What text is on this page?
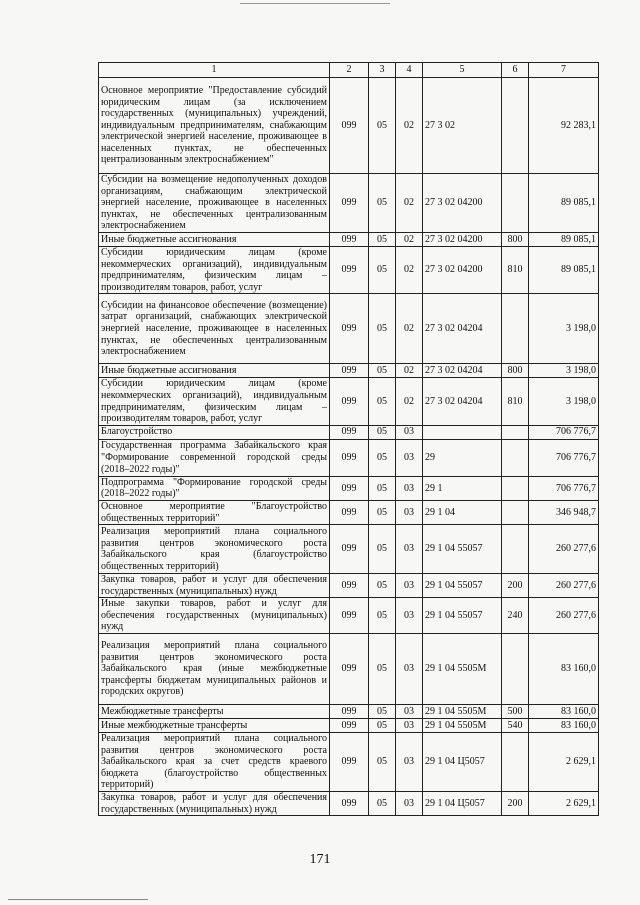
1	2	3	4	5	6	7
Основное мероприятие "Предоставление субсидий юридическим лицам (за исключением государственных (муниципальных) учреждений, индивидуальным предпринимателям, снабжающим электрической энергией население, проживающее в населенных пунктах, не обеспеченных централизованным электроснабжением"	099	05	02	27 3 02		92 283,1
Субсидии на возмещение недополученных доходов организациям, снабжающим электрической энергией население, проживающее в населенных пунктах, не обеспеченных централизованным электроснабжением	099	05	02	27 3 02 04200		89 085,1
Иные бюджетные ассигнования	099	05	02	27 3 02 04200	800	89 085,1
Субсидии юридическим лицам (кроме некоммерческих организаций), индивидуальным предпринимателям, физическим лицам – производителям товаров, работ, услуг	099	05	02	27 3 02 04200	810	89 085,1
Субсидии на финансовое обеспечение (возмещение) затрат организаций, снабжающих электрической энергией население, проживающее в населенных пунктах, не обеспеченных централизованным электроснабжением	099	05	02	27 3 02 04204		3 198,0
Иные бюджетные ассигнования	099	05	02	27 3 02 04204	800	3 198,0
Субсидии юридическим лицам (кроме некоммерческих организаций), индивидуальным предпринимателям, физическим лицам – производителям товаров, работ, услуг	099	05	02	27 3 02 04204	810	3 198,0
Благоустройство	099	05	03			706 776,7
Государственная программа Забайкальского края "Формирование современной городской среды (2018–2022 годы)"	099	05	03	29		706 776,7
Подпрограмма "Формирование городской среды (2018–2022 годы)"	099	05	03	29 1		706 776,7
Основное мероприятие "Благоустройство общественных территорий"	099	05	03	29 1 04		346 948,7
Реализация мероприятий плана социального развития центров экономического роста Забайкальского края (благоустройство общественных территорий)	099	05	03	29 1 04 55057		260 277,6
Закупка товаров, работ и услуг для обеспечения государственных (муниципальных) нужд	099	05	03	29 1 04 55057	200	260 277,6
Иные закупки товаров, работ и услуг для обеспечения государственных (муниципальных) нужд	099	05	03	29 1 04 55057	240	260 277,6
Реализация мероприятий плана социального развития центров экономического роста Забайкальского края (иные межбюджетные трансферты бюджетам муниципальных районов и городских округов)	099	05	03	29 1 04 5505М		83 160,0
Межбюджетные трансферты	099	05	03	29 1 04 5505М	500	83 160,0
Иные межбюджетные трансферты	099	05	03	29 1 04 5505М	540	83 160,0
Реализация мероприятий плана социального развития центров экономического роста Забайкальского края за счет средств краевого бюджета (благоустройство общественных территорий)	099	05	03	29 1 04 Ц5057		2 629,1
Закупка товаров, работ и услуг для обеспечения государственных (муниципальных) нужд	099	05	03	29 1 04 Ц5057	200	2 629,1
171
